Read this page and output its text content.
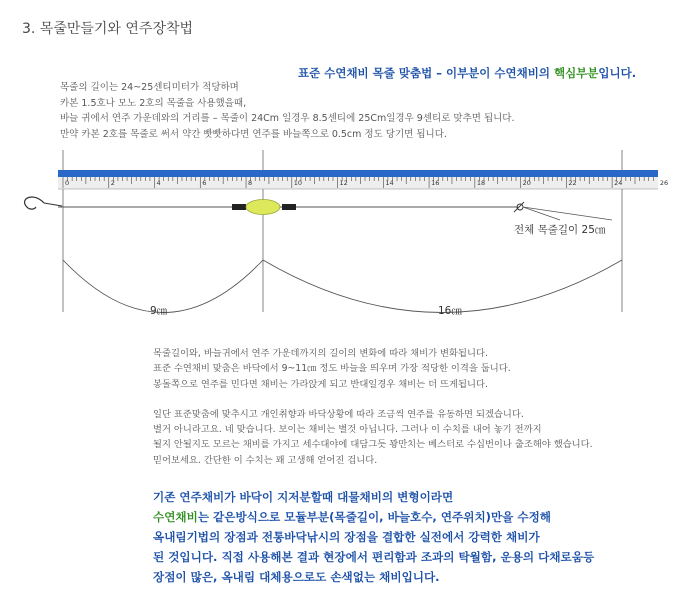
3. 목줄만들기와 연주장착법
표준 수연채비 목줄 맞춤법 – 이부분이 수연채비의 핵심부분입니다.
목줄의 길이는 24~25센티미터가 적당하며
카본 1.5호나 모노 2호의 목줄을 사용했을때,
바늘 귀에서 연주 가운데와의 거리를 – 목줄이 24Cm 일경우 8.5센티에 25Cm일경우 9센티로 맞추면 됩니다.
만약 카본 2호를 목줄로 써서 약간 빳빳하다면 연주를 바늘쪽으로 0.5cm 정도 당기면 됩니다.
0	2	4	6	8	10	12	14	16	18	20	22	24	26
전체 목줄길이 25㎝
9㎝	16㎝
목줄길이와, 바늘귀에서 연주 가운데까지의 길이의 변화에 따라 채비가 변화됩니다.
표준 수연채비 맞춤은 바닥에서 9~11㎝ 정도 바늘을 띄우며 가장 적당한 이격을 둡니다.
봉돌쪽으로 연주를 민다면 채비는 가라앉게 되고 반대일경우 채비는 더 뜨게됩니다.
일단 표준맞춤에 맞추시고 개인취향과 바닥상황에 따라 조금씩 연주를 유동하면 되겠습니다.
별거 아니라고요. 네 맞습니다. 보이는 채비는 별것 아닙니다. 그러나 이 수치를 내어 놓기 전까지
될지 안될지도 모르는 채비를 가지고 세수대야에 대담그듯 꽝만치는 베스터로 수십번이나 출조해야 했습니다.
믿어보세요. 간단한 이 수치는 꽤 고생해 얻어진 겁니다.
기존 연주채비가 바닥이 지저분할때 대물채비의 변형이라면
수연채비는 같은방식으로 모듈부분(목줄길이, 바늘호수, 연주위치)만을 수정해
옥내림기법의 장점과 전통바닥낚시의 장점을 결합한 실전에서 강력한 채비가
된 것입니다. 직접 사용해본 결과 현장에서 편리함과 조과의 탁월함, 운용의 다채로움등
장점이 많은, 옥내림 대체용으로도 손색없는 채비입니다.
